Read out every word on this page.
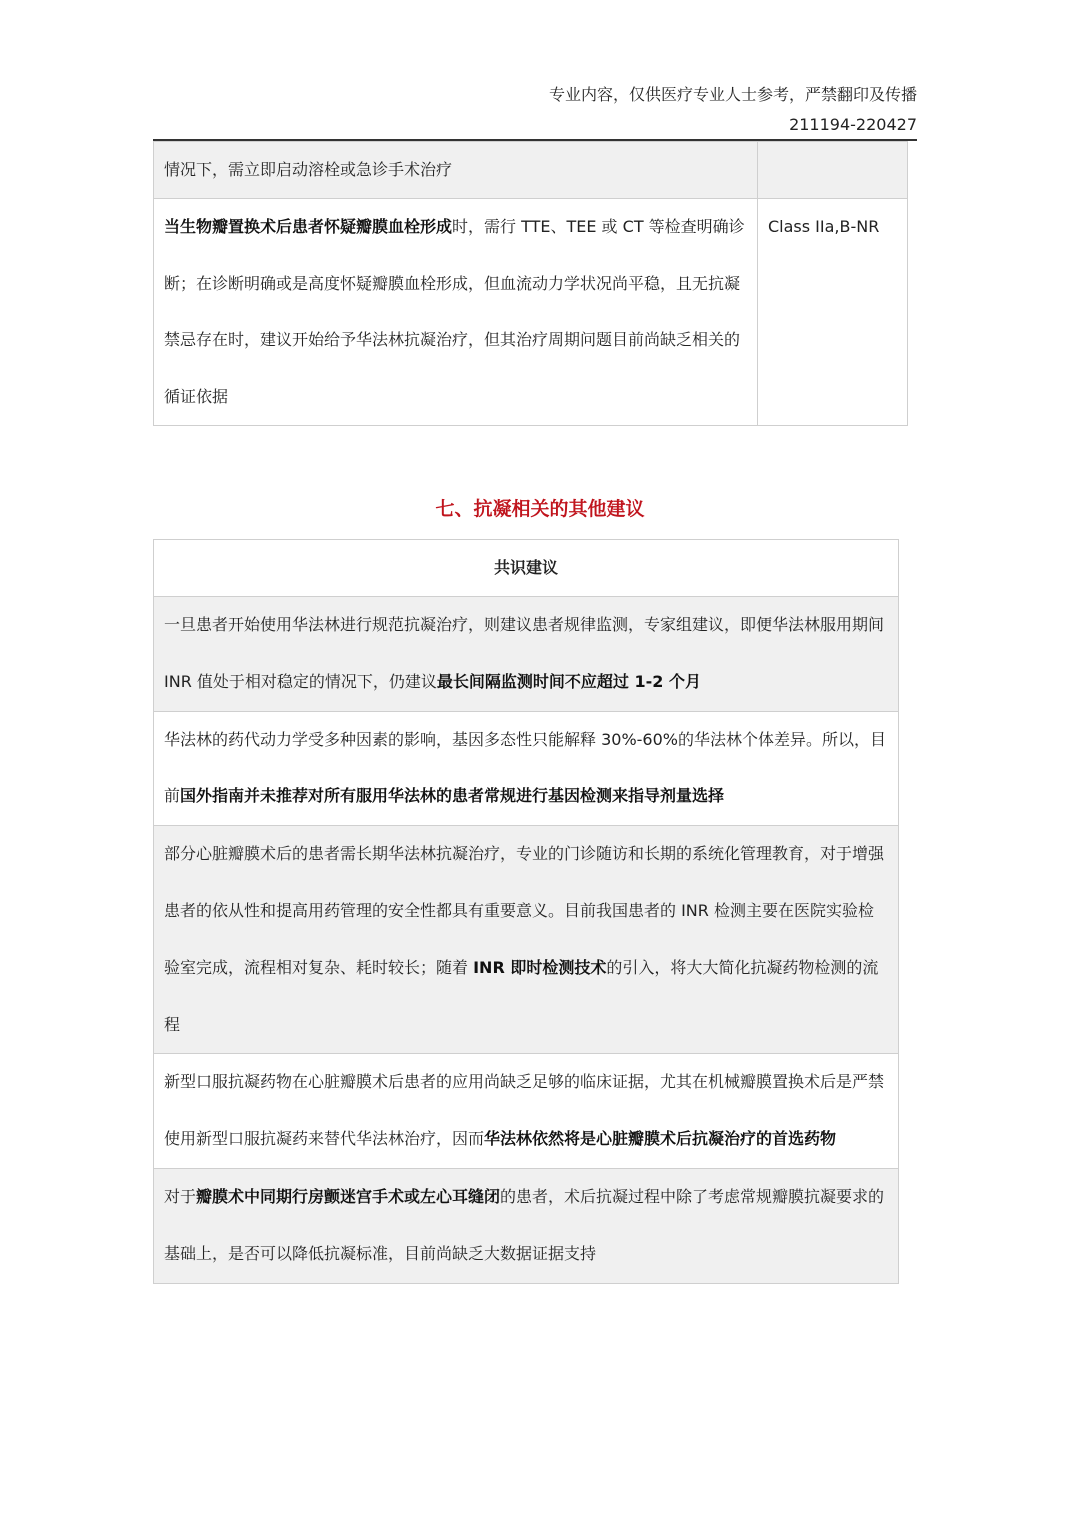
专业内容，仅供医疗专业人士参考，严禁翻印及传播
211194-220427
情况下，需立即启动溶栓或急诊手术治疗	
当生物瓣置换术后患者怀疑瓣膜血栓形成时，需行 TTE、TEE 或 CT 等检查明确诊断；在诊断明确或是高度怀疑瓣膜血栓形成，但血流动力学状况尚平稳，且无抗凝禁忌存在时，建议开始给予华法林抗凝治疗，但其治疗周期问题目前尚缺乏相关的循证依据	Class IIa,B-NR
七、抗凝相关的其他建议
共识建议
一旦患者开始使用华法林进行规范抗凝治疗，则建议患者规律监测，专家组建议，即便华法林服用期间 INR 值处于相对稳定的情况下，仍建议最长间隔监测时间不应超过 1-2 个月
华法林的药代动力学受多种因素的影响，基因多态性只能解释 30%-60%的华法林个体差异。所以，目前国外指南并未推荐对所有服用华法林的患者常规进行基因检测来指导剂量选择
部分心脏瓣膜术后的患者需长期华法林抗凝治疗，专业的门诊随访和长期的系统化管理教育，对于增强患者的依从性和提高用药管理的安全性都具有重要意义。目前我国患者的 INR 检测主要在医院实验检验室完成，流程相对复杂、耗时较长；随着 INR 即时检测技术的引入，将大大简化抗凝药物检测的流程
新型口服抗凝药物在心脏瓣膜术后患者的应用尚缺乏足够的临床证据，尤其在机械瓣膜置换术后是严禁使用新型口服抗凝药来替代华法林治疗，因而华法林依然将是心脏瓣膜术后抗凝治疗的首选药物
对于瓣膜术中同期行房颤迷宫手术或左心耳缝闭的患者，术后抗凝过程中除了考虑常规瓣膜抗凝要求的基础上，是否可以降低抗凝标准，目前尚缺乏大数据证据支持
